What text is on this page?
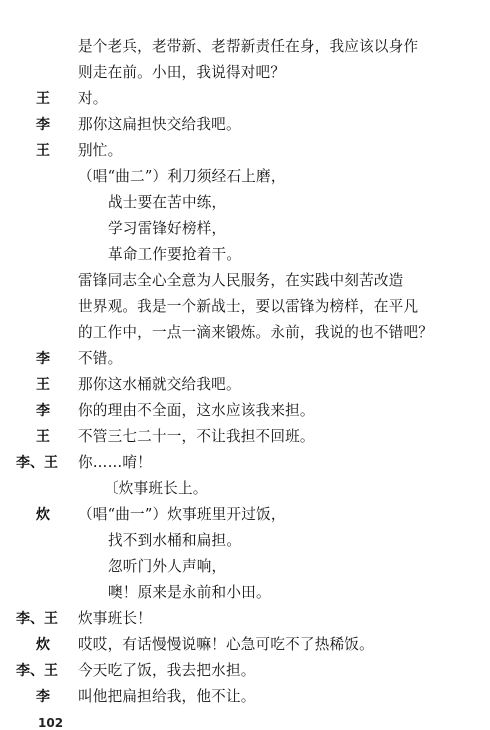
是个老兵，老带新、老帮新责任在身，我应该以身作
则走在前。小田，我说得对吧？
王	对。
李	那你这扁担快交给我吧。
王	别忙。
（唱“曲二”）利刀须经石上磨，
战士要在苦中练，
学习雷锋好榜样，
革命工作要抢着干。
雷锋同志全心全意为人民服务，在实践中刻苦改造
世界观。我是一个新战士，要以雷锋为榜样，在平凡
的工作中，一点一滴来锻炼。永前，我说的也不错吧？
李	不错。
王	那你这水桶就交给我吧。
李	你的理由不全面，这水应该我来担。
王	不管三七二十一，不让我担不回班。
李、王	你……唷！
〔炊事班长上。
炊	（唱“曲一”）炊事班里开过饭，
找不到水桶和扁担。
忽听门外人声响，
噢！原来是永前和小田。
李、王	炊事班长！
炊	哎哎，有话慢慢说嘛！心急可吃不了热稀饭。
李、王	今天吃了饭，我去把水担。
李	叫他把扁担给我，他不让。
102
